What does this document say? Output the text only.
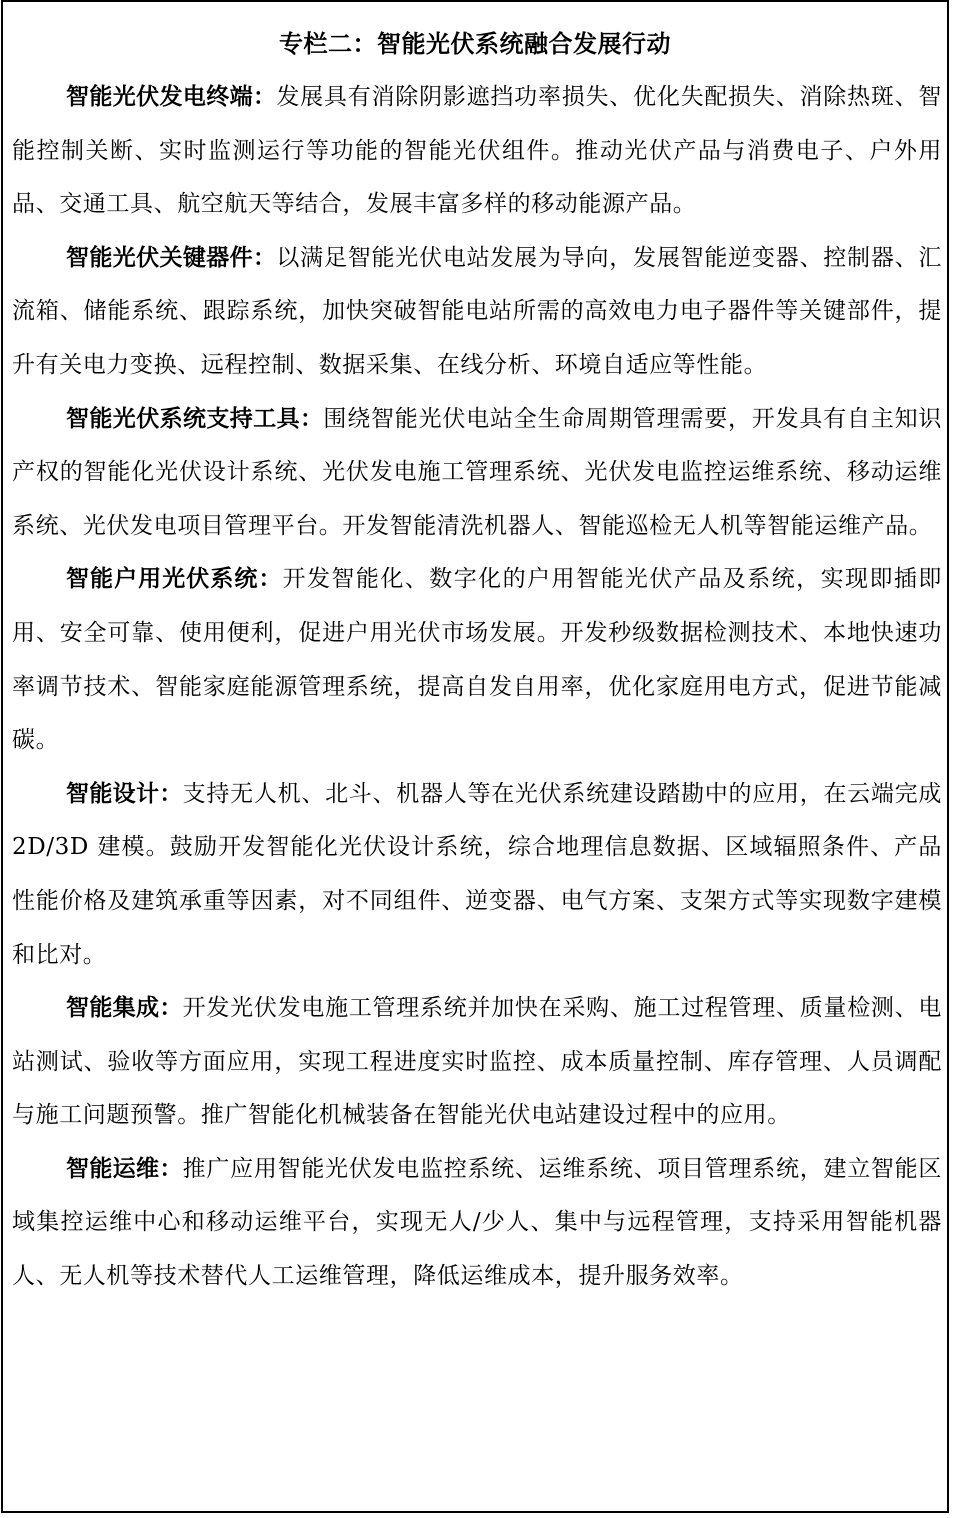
专栏二：智能光伏系统融合发展行动

智能光伏发电终端：发展具有消除阴影遮挡功率损失、优化失配损失、消除热斑、智能控制关断、实时监测运行等功能的智能光伏组件。推动光伏产品与消费电子、户外用品、交通工具、航空航天等结合，发展丰富多样的移动能源产品。

智能光伏关键器件：以满足智能光伏电站发展为导向，发展智能逆变器、控制器、汇流箱、储能系统、跟踪系统，加快突破智能电站所需的高效电力电子器件等关键部件，提升有关电力变换、远程控制、数据采集、在线分析、环境自适应等性能。

智能光伏系统支持工具：围绕智能光伏电站全生命周期管理需要，开发具有自主知识产权的智能化光伏设计系统、光伏发电施工管理系统、光伏发电监控运维系统、移动运维系统、光伏发电项目管理平台。开发智能清洗机器人、智能巡检无人机等智能运维产品。

智能户用光伏系统：开发智能化、数字化的户用智能光伏产品及系统，实现即插即用、安全可靠、使用便利，促进户用光伏市场发展。开发秒级数据检测技术、本地快速功率调节技术、智能家庭能源管理系统，提高自发自用率，优化家庭用电方式，促进节能减碳。

智能设计：支持无人机、北斗、机器人等在光伏系统建设踏勘中的应用，在云端完成 2D/3D 建模。鼓励开发智能化光伏设计系统，综合地理信息数据、区域辐照条件、产品性能价格及建筑承重等因素，对不同组件、逆变器、电气方案、支架方式等实现数字建模和比对。

智能集成：开发光伏发电施工管理系统并加快在采购、施工过程管理、质量检测、电站测试、验收等方面应用，实现工程进度实时监控、成本质量控制、库存管理、人员调配与施工问题预警。推广智能化机械装备在智能光伏电站建设过程中的应用。

智能运维：推广应用智能光伏发电监控系统、运维系统、项目管理系统，建立智能区域集控运维中心和移动运维平台，实现无人/少人、集中与远程管理，支持采用智能机器人、无人机等技术替代人工运维管理，降低运维成本，提升服务效率。
